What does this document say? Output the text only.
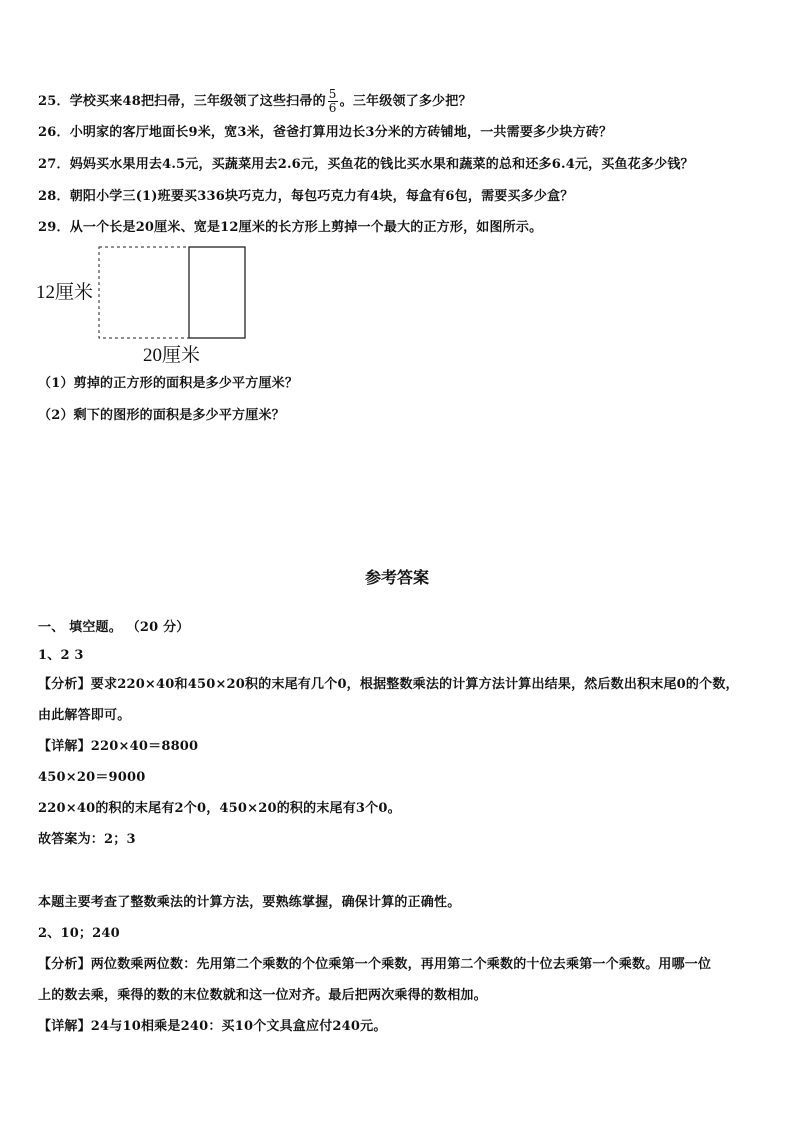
25．学校买来48把扫帚，三年级领了这些扫帚的 $\frac{5}{6}$ 。三年级领了多少把？
26．小明家的客厅地面长9米，宽3米，爸爸打算用边长3分米的方砖铺地，一共需要多少块方砖？
27．妈妈买水果用去4.5元，买蔬菜用去2.6元，买鱼花的钱比买水果和蔬菜的总和还多6.4元，买鱼花多少钱？
28．朝阳小学三(1)班要买336块巧克力，每包巧克力有4块，每盒有6包，需要买多少盒？
29．从一个长是20厘米、宽是12厘米的长方形上剪掉一个最大的正方形，如图所示。
12厘米
20厘米
（1）剪掉的正方形的面积是多少平方厘米？
（2）剩下的图形的面积是多少平方厘米？
参考答案
一、 填空题。 （20 分）
1、2 3
【分析】要求220×40和450×20积的末尾有几个0，根据整数乘法的计算方法计算出结果，然后数出积末尾0的个数，
由此解答即可。
【详解】220×40＝8800
450×20＝9000
220×40的积的末尾有2个0，450×20的积的末尾有3个0。
故答案为：2；3
本题主要考查了整数乘法的计算方法，要熟练掌握，确保计算的正确性。
2、10；240
【分析】两位数乘两位数：先用第二个乘数的个位乘第一个乘数，再用第二个乘数的十位去乘第一个乘数。用哪一位
上的数去乘，乘得的数的末位数就和这一位对齐。最后把两次乘得的数相加。
【详解】24与10相乘是240：买10个文具盒应付240元。
